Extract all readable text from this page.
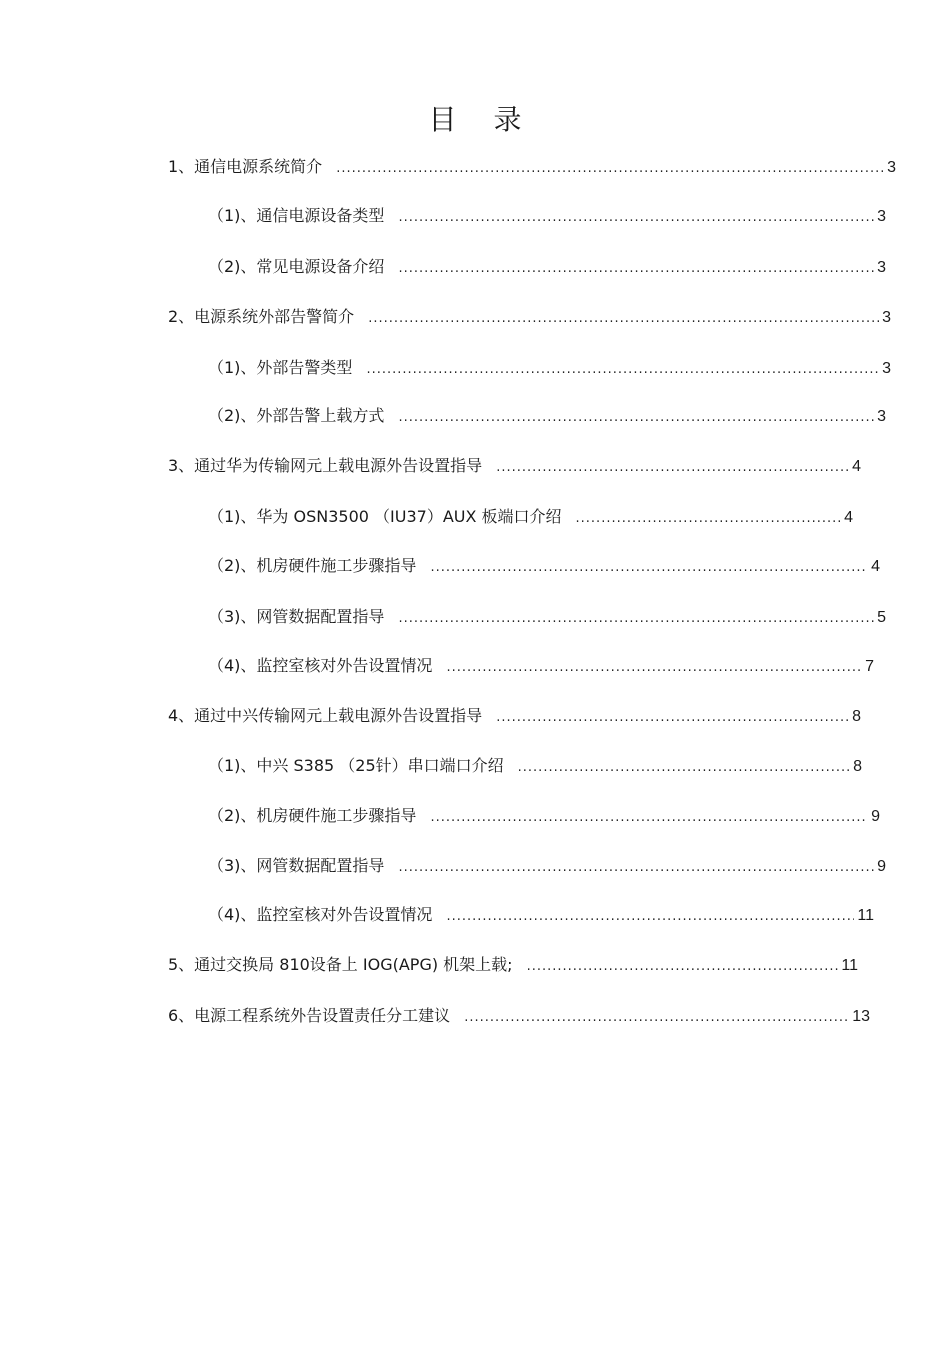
目 录
1、通信电源系统简介 .....	3
（1)、通信电源设备类型 .....	3
（2)、常见电源设备介绍 .....	3
2、电源系统外部告警简介 .....	3
（1)、外部告警类型 .....	3
（2)、外部告警上载方式 .....	3
3、通过华为传输网元上载电源外告设置指导 .....	4
（1)、华为 OSN3500 （IU37）AUX 板端口介绍 .....	4
（2)、机房硬件施工步骤指导 .....	4
（3)、网管数据配置指导 .....	5
（4)、监控室核对外告设置情况 .....	7
4、通过中兴传输网元上载电源外告设置指导 .....	8
（1)、中兴 S385 （25针）串口端口介绍 .....	8
（2)、机房硬件施工步骤指导 .....	9
（3)、网管数据配置指导 .....	9
（4)、监控室核对外告设置情况 .....	11
5、通过交换局 810设备上 IOG(APG) 机架上载; .....	11
6、电源工程系统外告设置责任分工建议 .....	13
